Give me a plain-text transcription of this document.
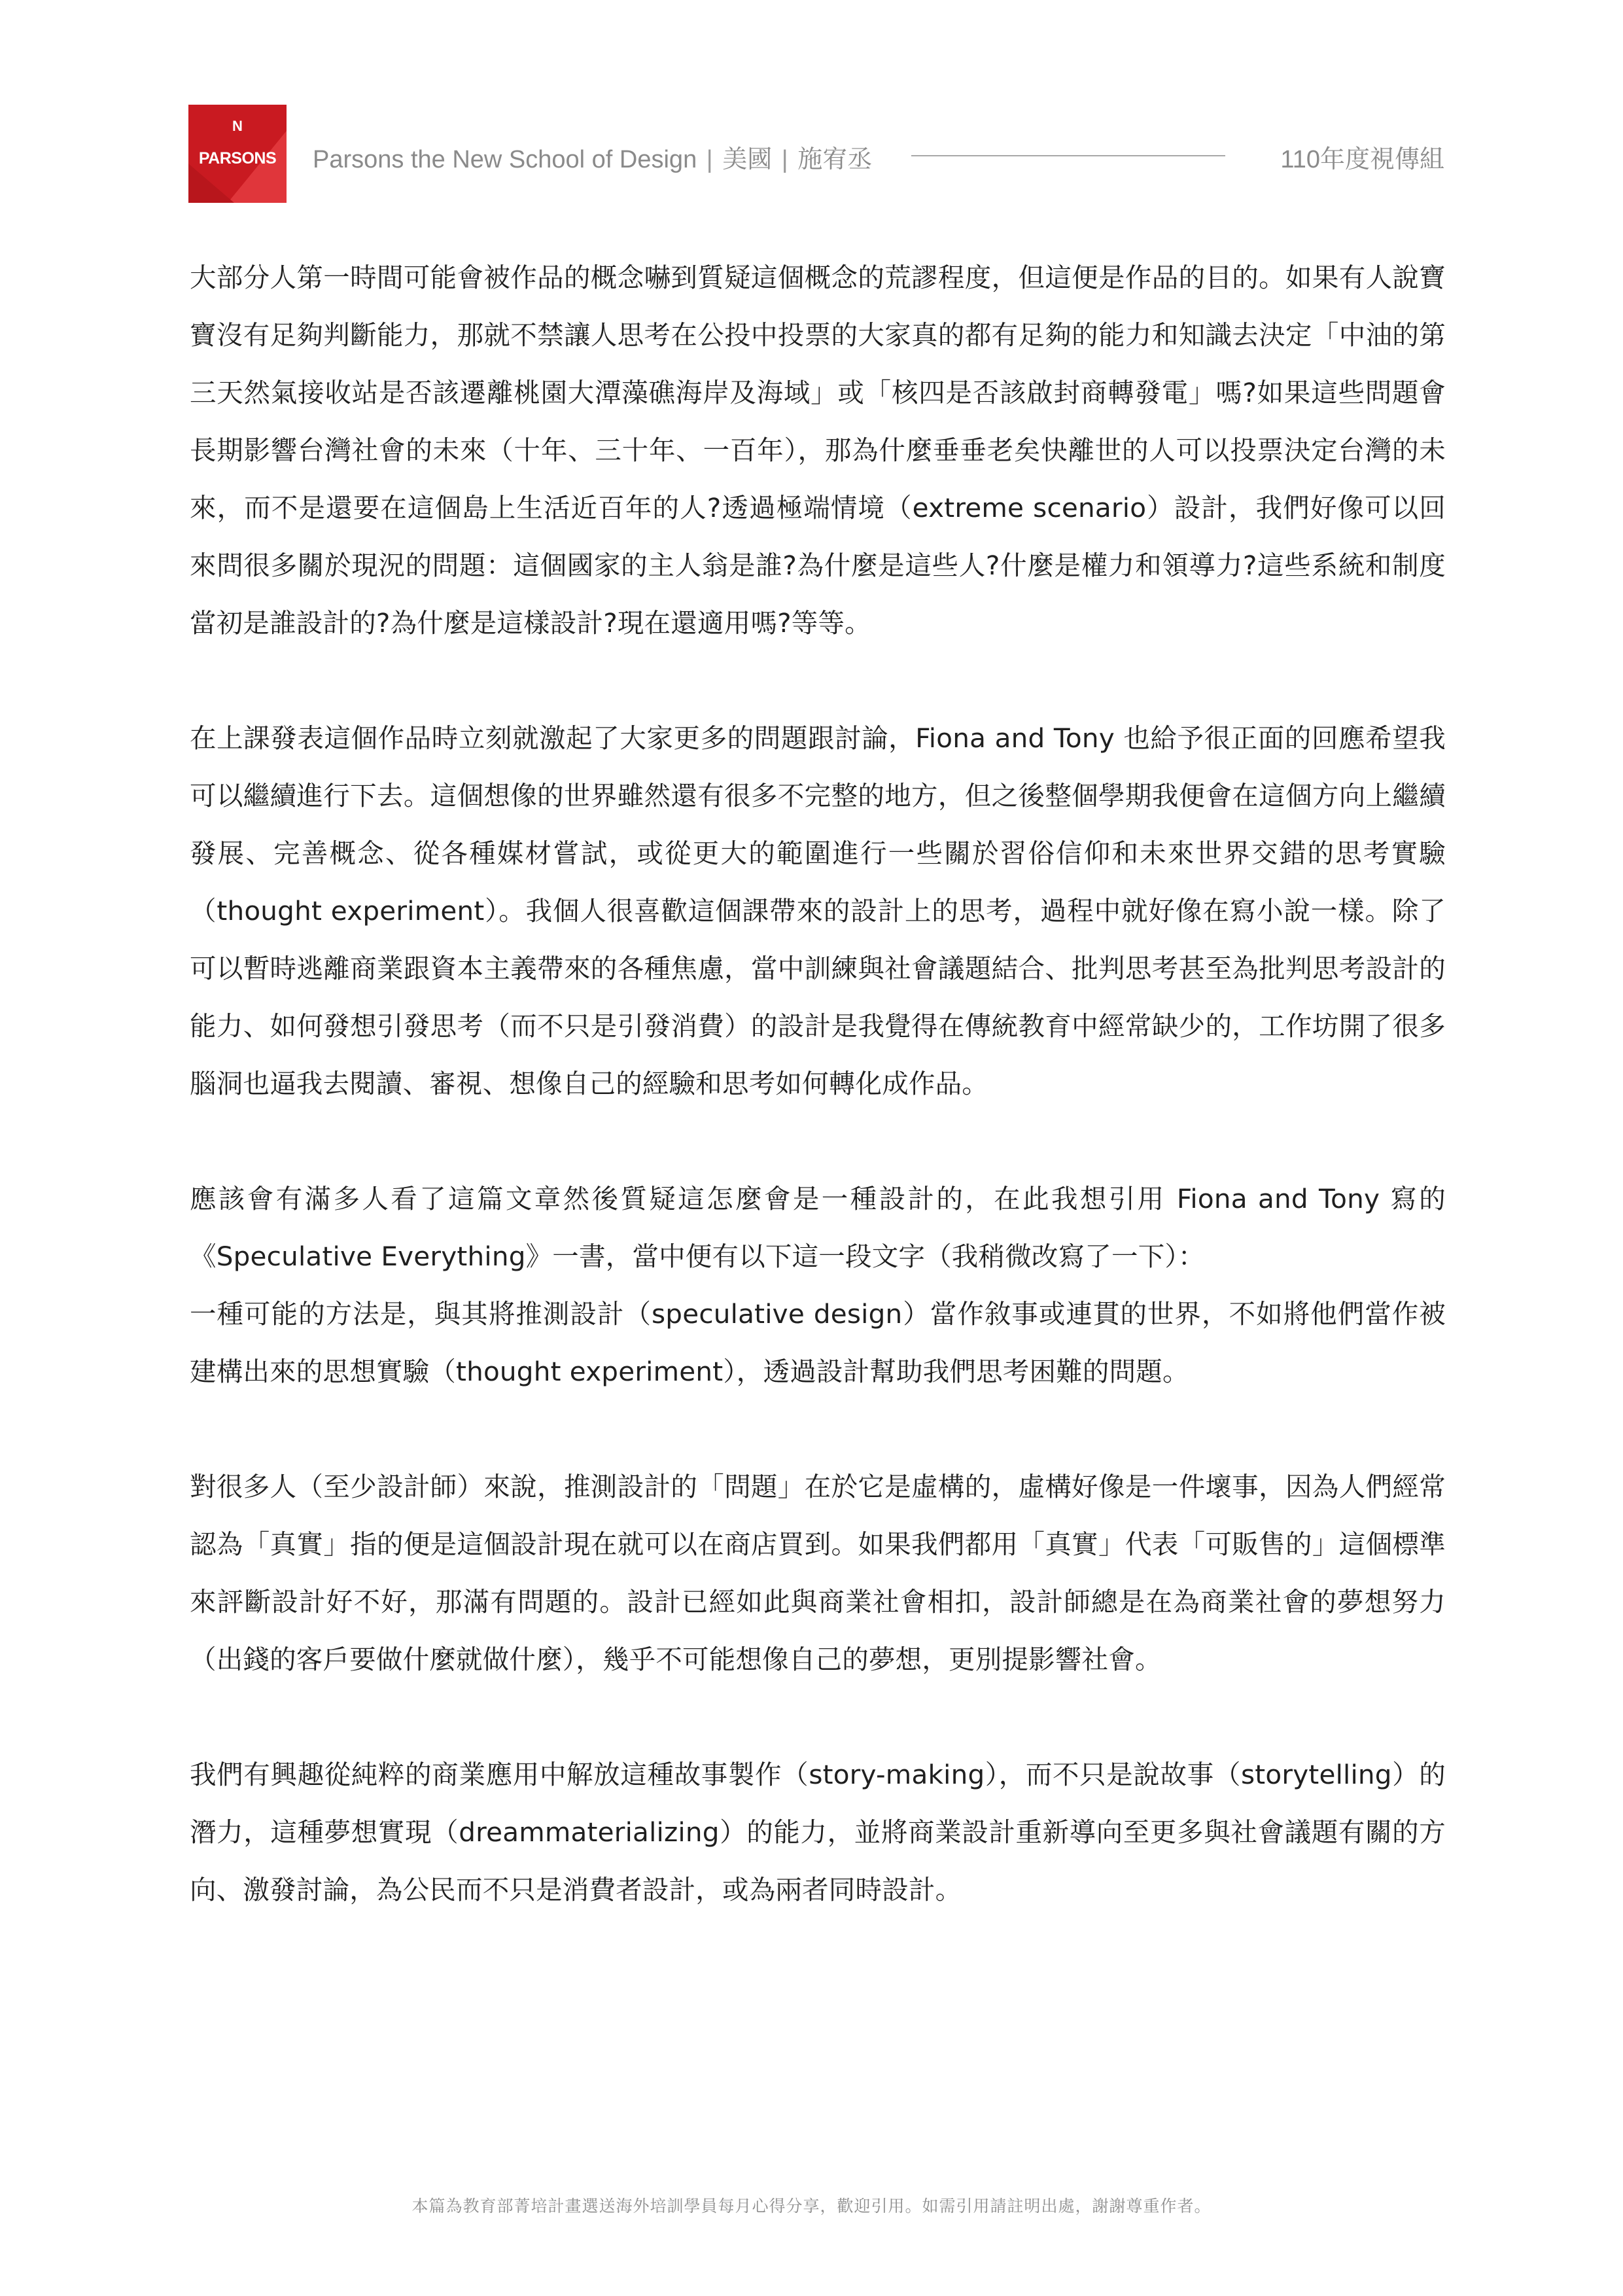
N
PARSONS	Parsons the New School of Design | 美國 | 施宥丞	110年度視傳組

大部分人第一時間可能會被作品的概念嚇到質疑這個概念的荒謬程度，但這便是作品的目的。如果有人說寶寶沒有足夠判斷能力，那就不禁讓人思考在公投中投票的大家真的都有足夠的能力和知識去決定「中油的第三天然氣接收站是否該遷離桃園大潭藻礁海岸及海域」或「核四是否該啟封商轉發電」嗎?如果這些問題會長期影響台灣社會的未來（十年、三十年、一百年），那為什麼垂垂老矣快離世的人可以投票決定台灣的未來，而不是還要在這個島上生活近百年的人?透過極端情境（extreme scenario）設計，我們好像可以回來問很多關於現況的問題：這個國家的主人翁是誰?為什麼是這些人?什麼是權力和領導力?這些系統和制度當初是誰設計的?為什麼是這樣設計?現在還適用嗎?等等。

在上課發表這個作品時立刻就激起了大家更多的問題跟討論，Fiona and Tony 也給予很正面的回應希望我可以繼續進行下去。這個想像的世界雖然還有很多不完整的地方，但之後整個學期我便會在這個方向上繼續發展、完善概念、從各種媒材嘗試，或從更大的範圍進行一些關於習俗信仰和未來世界交錯的思考實驗（thought experiment）。我個人很喜歡這個課帶來的設計上的思考，過程中就好像在寫小說一樣。除了可以暫時逃離商業跟資本主義帶來的各種焦慮，當中訓練與社會議題結合、批判思考甚至為批判思考設計的能力、如何發想引發思考（而不只是引發消費）的設計是我覺得在傳統教育中經常缺少的，工作坊開了很多腦洞也逼我去閱讀、審視、想像自己的經驗和思考如何轉化成作品。

應該會有滿多人看了這篇文章然後質疑這怎麼會是一種設計的，在此我想引用 Fiona and Tony 寫的《Speculative Everything》一書，當中便有以下這一段文字（我稍微改寫了一下）：

一種可能的方法是，與其將推測設計（speculative design）當作敘事或連貫的世界，不如將他們當作被建構出來的思想實驗（thought experiment），透過設計幫助我們思考困難的問題。

對很多人（至少設計師）來說，推測設計的「問題」在於它是虛構的，虛構好像是一件壞事，因為人們經常認為「真實」指的便是這個設計現在就可以在商店買到。如果我們都用「真實」代表「可販售的」這個標準來評斷設計好不好，那滿有問題的。設計已經如此與商業社會相扣，設計師總是在為商業社會的夢想努力（出錢的客戶要做什麼就做什麼），幾乎不可能想像自己的夢想，更別提影響社會。

我們有興趣從純粹的商業應用中解放這種故事製作（story-making），而不只是說故事（storytelling）的潛力，這種夢想實現（dreammaterializing）的能力，並將商業設計重新導向至更多與社會議題有關的方向、激發討論，為公民而不只是消費者設計，或為兩者同時設計。

本篇為教育部菁培計畫選送海外培訓學員每月心得分享，歡迎引用。如需引用請註明出處，謝謝尊重作者。
